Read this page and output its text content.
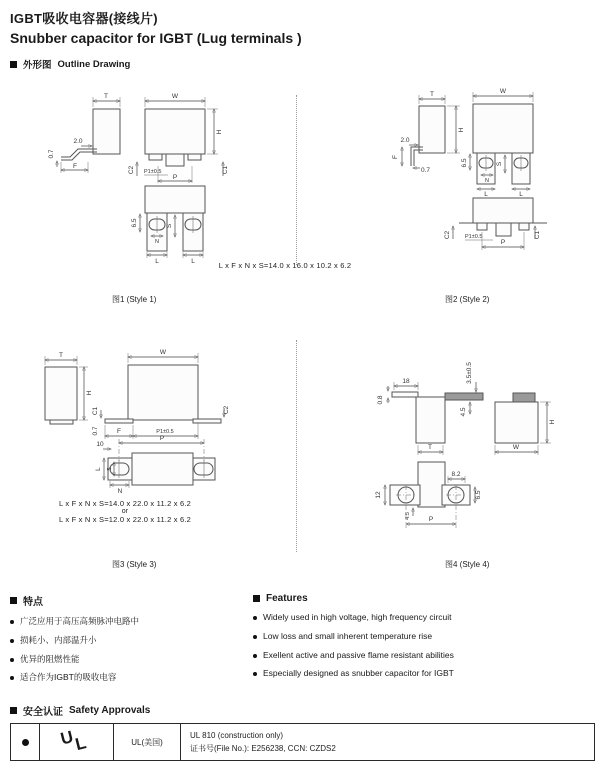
IGBT吸收电容器(接线片)
Snubber capacitor for IGBT (Lug terminals )
外形图 Outline Drawing
T
2.0
0.7
F
W
H
C2 P1±0.5
P
C1
6.5	S
N
L	L
T
H
2.0
F
0.7
W
6.5	S
N
L	L
C2	P1±0.5
P
C1
L x F x N x S=14.0 x 16.0 x 10.2 x 6.2
图1 (Style 1)	图2 (Style 2)
T
H
W
C1	C2
0.7	F	P1±0.5
10
P
L S
N
18
0.8
3.5±0.5
4.5
T
H
W
8.2
12	6.5
4.5	P
L x F x N x S=14.0 x 22.0 x 11.2 x 6.2
or
L x F x N x S=12.0 x 22.0 x 11.2 x 6.2
图3 (Style 3)	图4 (Style 4)
特点
广泛应用于高压高频脉冲电路中
损耗小、内部温升小
优异的阻燃性能
适合作为IGBT的吸收电容
Features
Widely used in high voltage, high frequency circuit
Low loss and small inherent temperature rise
Exellent active and passive flame resistant abilities
Especially designed as snubber capacitor for IGBT
安全认证 Safety Approvals
U
L	UL(美国)
UL 810 (construction only)
证书号(File No.): E256238, CCN: CZDS2
